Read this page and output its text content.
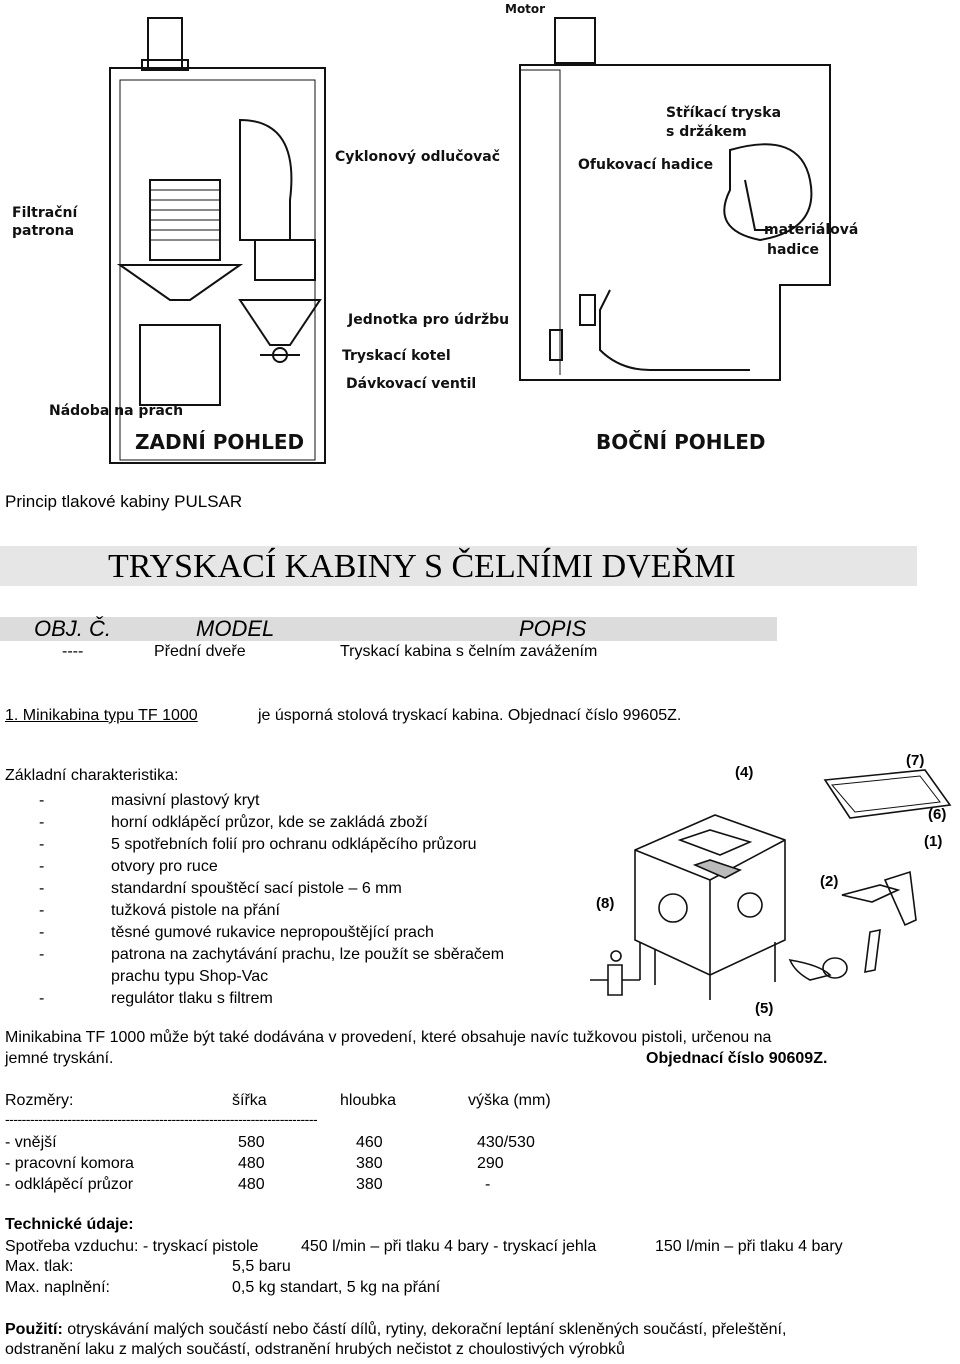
Motor
Cyklonový odlučovač
Filtrační
patrona
Jednotka pro údržbu
Tryskací kotel
Dávkovací ventil
Nádoba na prach
ZADNÍ POHLED	BOČNÍ POHLED
Stříkací tryska
s držákem
Ofukovací hadice
materiálová
hadice
Princip tlakové kabiny PULSAR
TRYSKACÍ KABINY S ČELNÍMI DVEŘMI
OBJ. Č.	MODEL	POPIS
----	Přední dveře	Tryskací kabina s čelním zavážením
1. Minikabina typu TF 1000	je úsporná stolová tryskací kabina. Objednací číslo 99605Z.
Základní charakteristika:
-	masivní plastový kryt
-	horní odklápěcí průzor, kde se zakládá zboží
-	5 spotřebních folií pro ochranu odklápěcího průzoru
-	otvory pro ruce
-	standardní spouštěcí sací pistole – 6 mm
-	tužková pistole na přání
-	těsné gumové rukavice nepropouštějící prach
-	patrona na zachytávání prachu, lze použít se sběračem
prachu typu Shop-Vac
-	regulátor tlaku s filtrem
(4)
(7)
(6)
(1)
(2)
(8)
(5)
Minikabina TF 1000 může být také dodávána v provedení, které obsahuje navíc tužkovou pistoli, určenou na
jemné tryskání.	Objednací číslo 90609Z.
Rozměry:	šířka	hloubka	výška (mm)
---------------------------------------------------------------------------
- vnější	580	460	430/530
- pracovní komora	480	380	290
- odklápěcí průzor	480	380	-
Technické údaje:
Spotřeba vzduchu: - tryskací pistole	450 l/min – při tlaku 4 bary - tryskací jehla	150 l/min – při tlaku 4 bary
Max. tlak:	5,5 baru
Max. naplnění:	0,5 kg standart, 5 kg na přání
Použití: otryskávání malých součástí nebo částí dílů, rytiny, dekorační leptání skleněných součástí, přeleštění,
odstranění laku z malých součástí, odstranění hrubých nečistot z choulostivých výrobků
